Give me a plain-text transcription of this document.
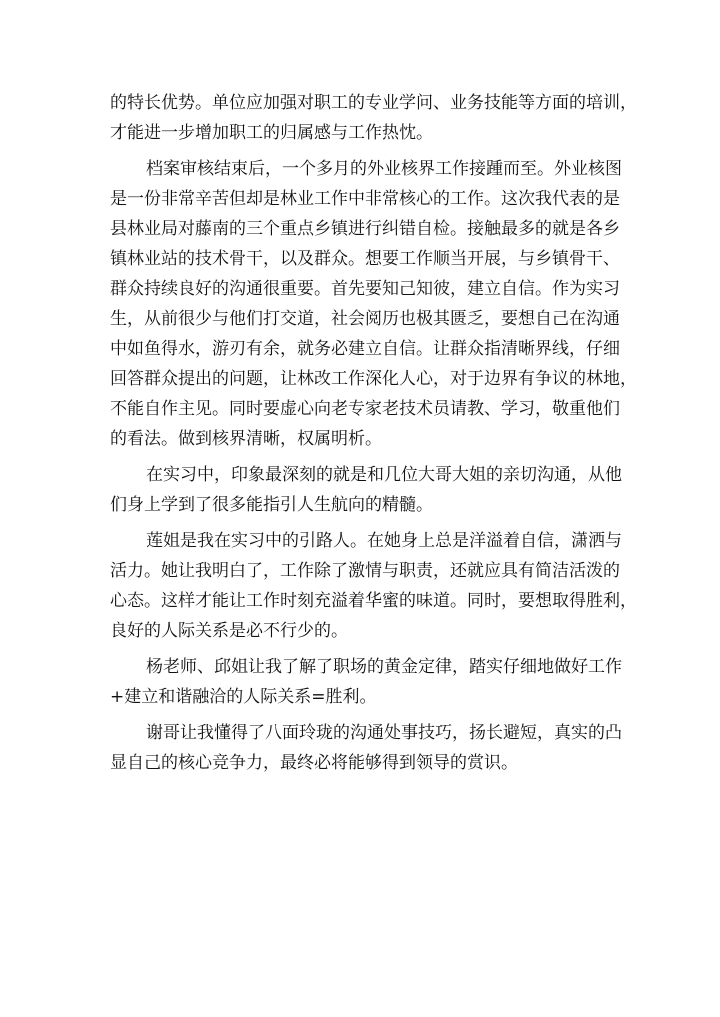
的特长优势。单位应加强对职工的专业学问、业务技能等方面的培训，
才能进一步增加职工的归属感与工作热忱。

档案审核结束后，一个多月的外业核界工作接踵而至。外业核图
是一份非常辛苦但却是林业工作中非常核心的工作。这次我代表的是
县林业局对藤南的三个重点乡镇进行纠错自检。接触最多的就是各乡
镇林业站的技术骨干，以及群众。想要工作顺当开展，与乡镇骨干、
群众持续良好的沟通很重要。首先要知己知彼，建立自信。作为实习
生，从前很少与他们打交道，社会阅历也极其匮乏，要想自己在沟通
中如鱼得水，游刃有余，就务必建立自信。让群众指清晰界线，仔细
回答群众提出的问题，让林改工作深化人心，对于边界有争议的林地，
不能自作主见。同时要虚心向老专家老技术员请教、学习，敬重他们
的看法。做到核界清晰，权属明析。

在实习中，印象最深刻的就是和几位大哥大姐的亲切沟通，从他
们身上学到了很多能指引人生航向的精髓。

莲姐是我在实习中的引路人。在她身上总是洋溢着自信，潇洒与
活力。她让我明白了，工作除了激情与职责，还就应具有简洁活泼的
心态。这样才能让工作时刻充溢着华蜜的味道。同时，要想取得胜利，
良好的人际关系是必不行少的。

杨老师、邱姐让我了解了职场的黄金定律，踏实仔细地做好工作
+建立和谐融洽的人际关系=胜利。

谢哥让我懂得了八面玲珑的沟通处事技巧，扬长避短，真实的凸
显自己的核心竞争力，最终必将能够得到领导的赏识。
